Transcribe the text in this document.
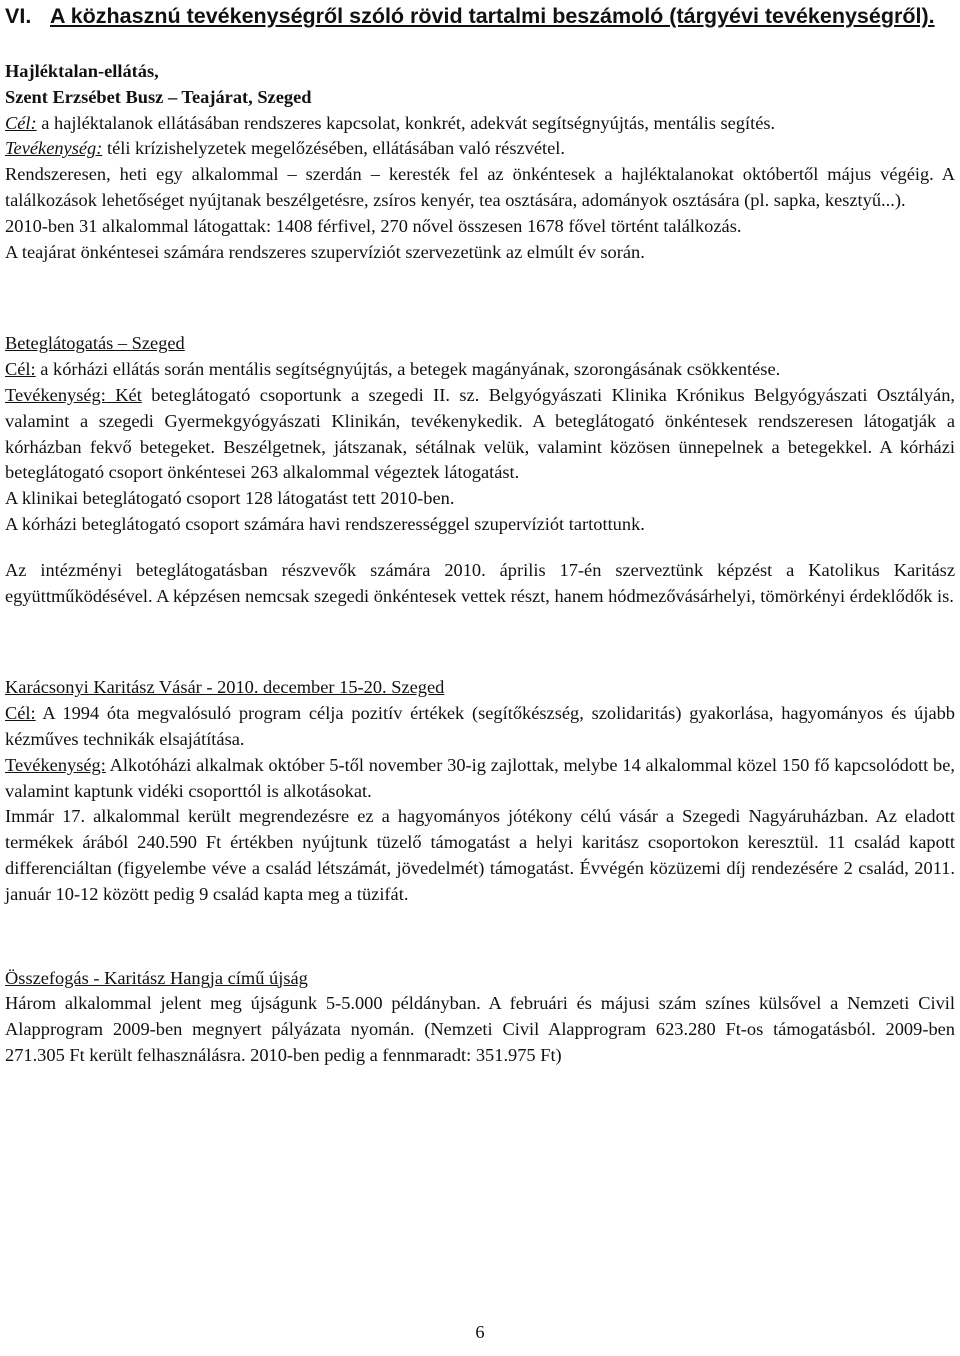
VI. A közhasznú tevékenységről szóló rövid tartalmi beszámoló (tárgyévi tevékenységről).

Hajléktalan-ellátás,

Szent Erzsébet Busz – Teajárat, Szeged

Cél: a hajléktalanok ellátásában rendszeres kapcsolat, konkrét, adekvát segítségnyújtás, mentális segítés.

Tevékenység: téli krízishelyzetek megelőzésében, ellátásában való részvétel.

Rendszeresen, heti egy alkalommal – szerdán – keresték fel az önkéntesek a hajléktalanokat októbertől május végéig. A találkozások lehetőséget nyújtanak beszélgetésre, zsíros kenyér, tea osztására, adományok osztására (pl. sapka, kesztyű...).

2010-ben 31 alkalommal látogattak: 1408 férfivel, 270 nővel összesen 1678 fővel történt találkozás.

A teajárat önkéntesei számára rendszeres szupervíziót szervezetünk az elmúlt év során.

Beteglátogatás – Szeged

Cél: a kórházi ellátás során mentális segítségnyújtás, a betegek magányának, szorongásának csökkentése.

Tevékenység: Két beteglátogató csoportunk a szegedi II. sz. Belgyógyászati Klinika Krónikus Belgyógyászati Osztályán, valamint a szegedi Gyermekgyógyászati Klinikán, tevékenykedik. A beteglátogató önkéntesek rendszeresen látogatják a kórházban fekvő betegeket. Beszélgetnek, játszanak, sétálnak velük, valamint közösen ünnepelnek a betegekkel. A kórházi beteglátogató csoport önkéntesei 263 alkalommal végeztek látogatást.

A klinikai beteglátogató csoport 128 látogatást tett 2010-ben.

A kórházi beteglátogató csoport számára havi rendszerességgel szupervíziót tartottunk.

Az intézményi beteglátogatásban részvevők számára 2010. április 17-én szerveztünk képzést a Katolikus Karitász együttműködésével. A képzésen nemcsak szegedi önkéntesek vettek részt, hanem hódmezővásárhelyi, tömörkényi érdeklődők is.

Karácsonyi Karitász Vásár - 2010. december 15-20. Szeged

Cél: A 1994 óta megvalósuló program célja pozitív értékek (segítőkészség, szolidaritás) gyakorlása, hagyományos és újabb kézműves technikák elsajátítása.

Tevékenység: Alkotóházi alkalmak október 5-től november 30-ig zajlottak, melybe 14 alkalommal közel 150 fő kapcsolódott be, valamint kaptunk vidéki csoporttól is alkotásokat.

Immár 17. alkalommal került megrendezésre ez a hagyományos jótékony célú vásár a Szegedi Nagyáruházban. Az eladott termékek árából 240.590 Ft értékben nyújtunk tüzelő támogatást a helyi karitász csoportokon keresztül. 11 család kapott differenciáltan (figyelembe véve a család létszámát, jövedelmét) támogatást. Évvégén közüzemi díj rendezésére 2 család, 2011. január 10-12 között pedig 9 család kapta meg a tüzifát.

Összefogás - Karitász Hangja című újság

Három alkalommal jelent meg újságunk 5-5.000 példányban. A februári és májusi szám színes külsővel a Nemzeti Civil Alapprogram 2009-ben megnyert pályázata nyomán. (Nemzeti Civil Alapprogram 623.280 Ft-os támogatásból. 2009-ben 271.305 Ft került felhasználásra. 2010-ben pedig a fennmaradt: 351.975 Ft)

6
